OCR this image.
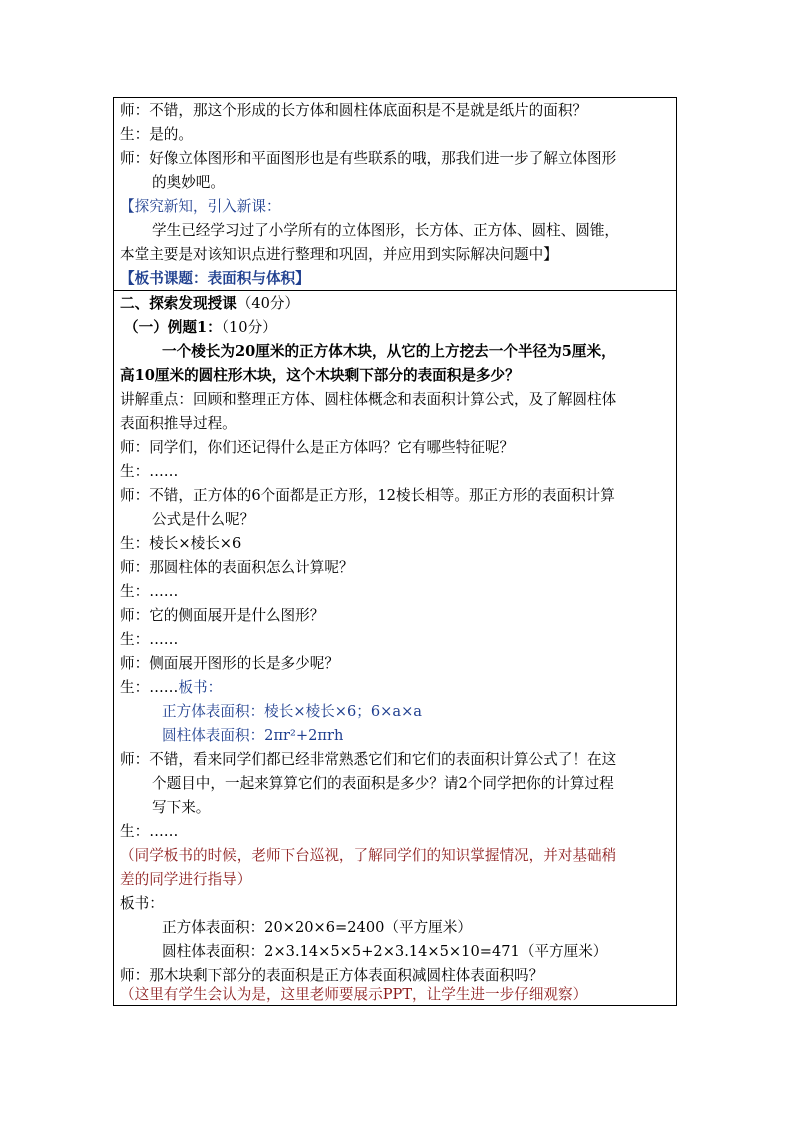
师：不错，那这个形成的长方体和圆柱体底面积是不是就是纸片的面积？
生：是的。
师：好像立体图形和平面图形也是有些联系的哦，那我们进一步了解立体图形
的奥妙吧。
【探究新知，引入新课：
学生已经学习过了小学所有的立体图形，长方体、正方体、圆柱、圆锥，
本堂主要是对该知识点进行整理和巩固，并应用到实际解决问题中】
【板书课题：表面积与体积】
二、探索发现授课（40分）
（一）例题1：（10分）
一个棱长为20厘米的正方体木块，从它的上方挖去一个半径为5厘米，
高10厘米的圆柱形木块，这个木块剩下部分的表面积是多少？
讲解重点：回顾和整理正方体、圆柱体概念和表面积计算公式，及了解圆柱体
表面积推导过程。
师：同学们，你们还记得什么是正方体吗？它有哪些特征呢？
生：……
师：不错，正方体的6个面都是正方形，12棱长相等。那正方形的表面积计算
公式是什么呢？
生：棱长×棱长×6
师：那圆柱体的表面积怎么计算呢？
生：……
师：它的侧面展开是什么图形？
生：……
师：侧面展开图形的长是多少呢？
生：……板书：
正方体表面积：棱长×棱长×6；6×a×a
圆柱体表面积：2πr²+2πrh
师：不错，看来同学们都已经非常熟悉它们和它们的表面积计算公式了！在这
个题目中，一起来算算它们的表面积是多少？请2个同学把你的计算过程
写下来。
生：……
（同学板书的时候，老师下台巡视，了解同学们的知识掌握情况，并对基础稍
差的同学进行指导）
板书：
正方体表面积：20×20×6=2400（平方厘米）
圆柱体表面积：2×3.14×5×5+2×3.14×5×10=471（平方厘米）
师：那木块剩下部分的表面积是正方体表面积减圆柱体表面积吗？
（这里有学生会认为是，这里老师要展示PPT，让学生进一步仔细观察）
